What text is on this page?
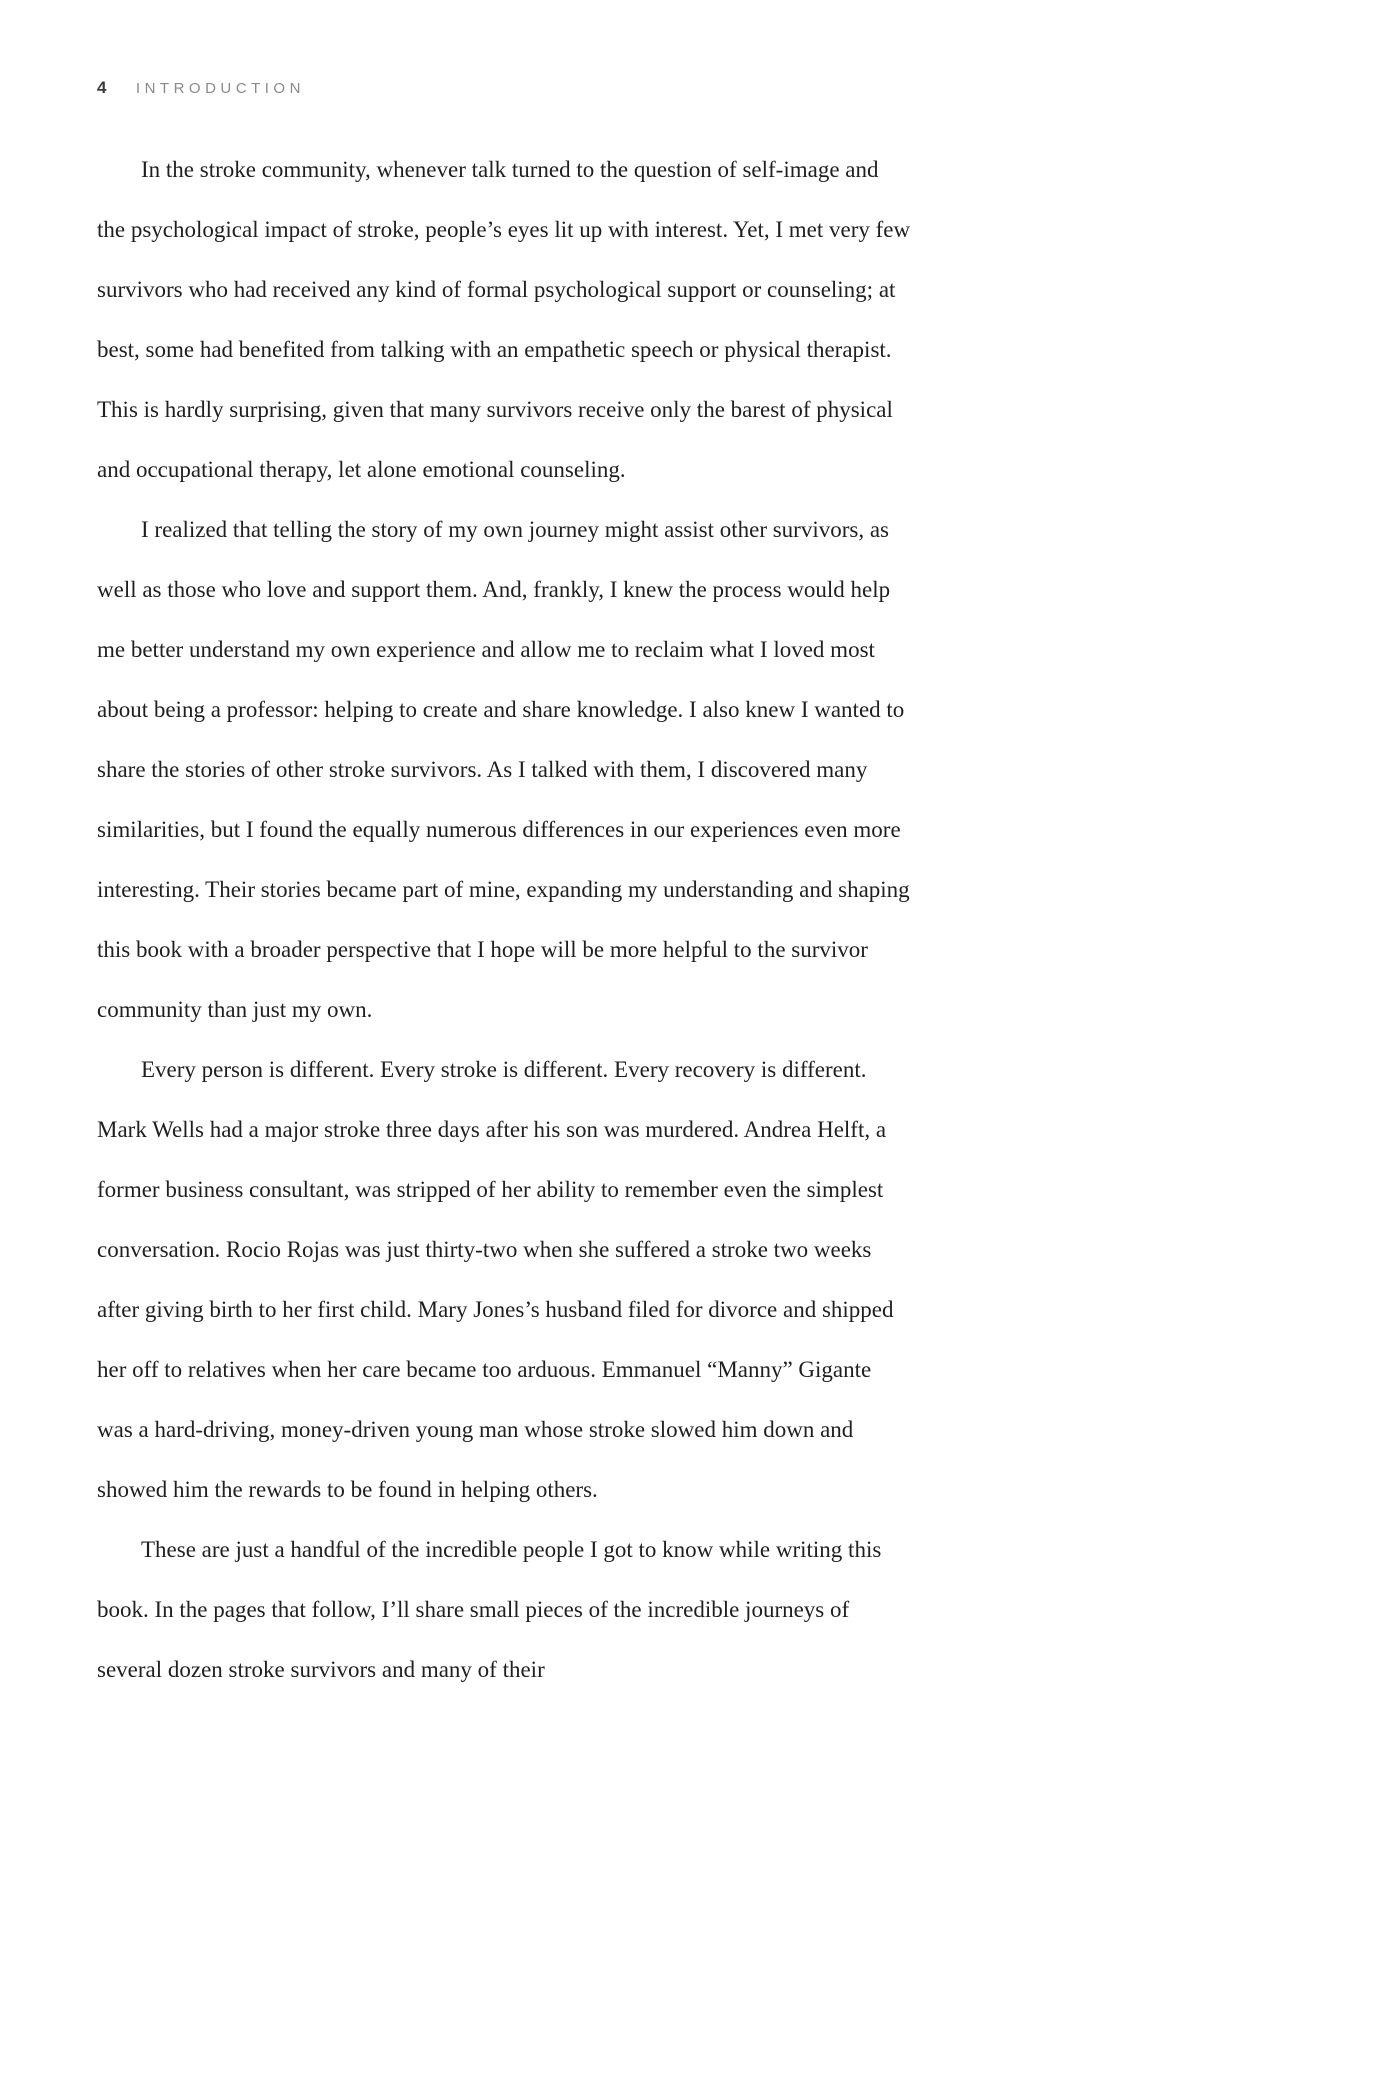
4 INTRODUCTION

In the stroke community, whenever talk turned to the question of self-image and the psychological impact of stroke, people’s eyes lit up with interest. Yet, I met very few survivors who had received any kind of formal psychological support or counseling; at best, some had benefited from talking with an empathetic speech or physical therapist. This is hardly surprising, given that many survivors receive only the barest of physical and occupational therapy, let alone emotional counseling.

I realized that telling the story of my own journey might assist other survivors, as well as those who love and support them. And, frankly, I knew the process would help me better understand my own experience and allow me to reclaim what I loved most about being a professor: helping to create and share knowledge. I also knew I wanted to share the stories of other stroke survivors. As I talked with them, I discovered many similarities, but I found the equally numerous differences in our experiences even more interesting. Their stories became part of mine, expanding my understanding and shaping this book with a broader perspective that I hope will be more helpful to the survivor community than just my own.

Every person is different. Every stroke is different. Every recovery is different. Mark Wells had a major stroke three days after his son was murdered. Andrea Helft, a former business consultant, was stripped of her ability to remember even the simplest conversation. Rocio Rojas was just thirty-two when she suffered a stroke two weeks after giving birth to her first child. Mary Jones’s husband filed for divorce and shipped her off to relatives when her care became too arduous. Emmanuel “Manny” Gigante was a hard-driving, money-driven young man whose stroke slowed him down and showed him the rewards to be found in helping others.

These are just a handful of the incredible people I got to know while writing this book. In the pages that follow, I’ll share small pieces of the incredible journeys of several dozen stroke survivors and many of their
